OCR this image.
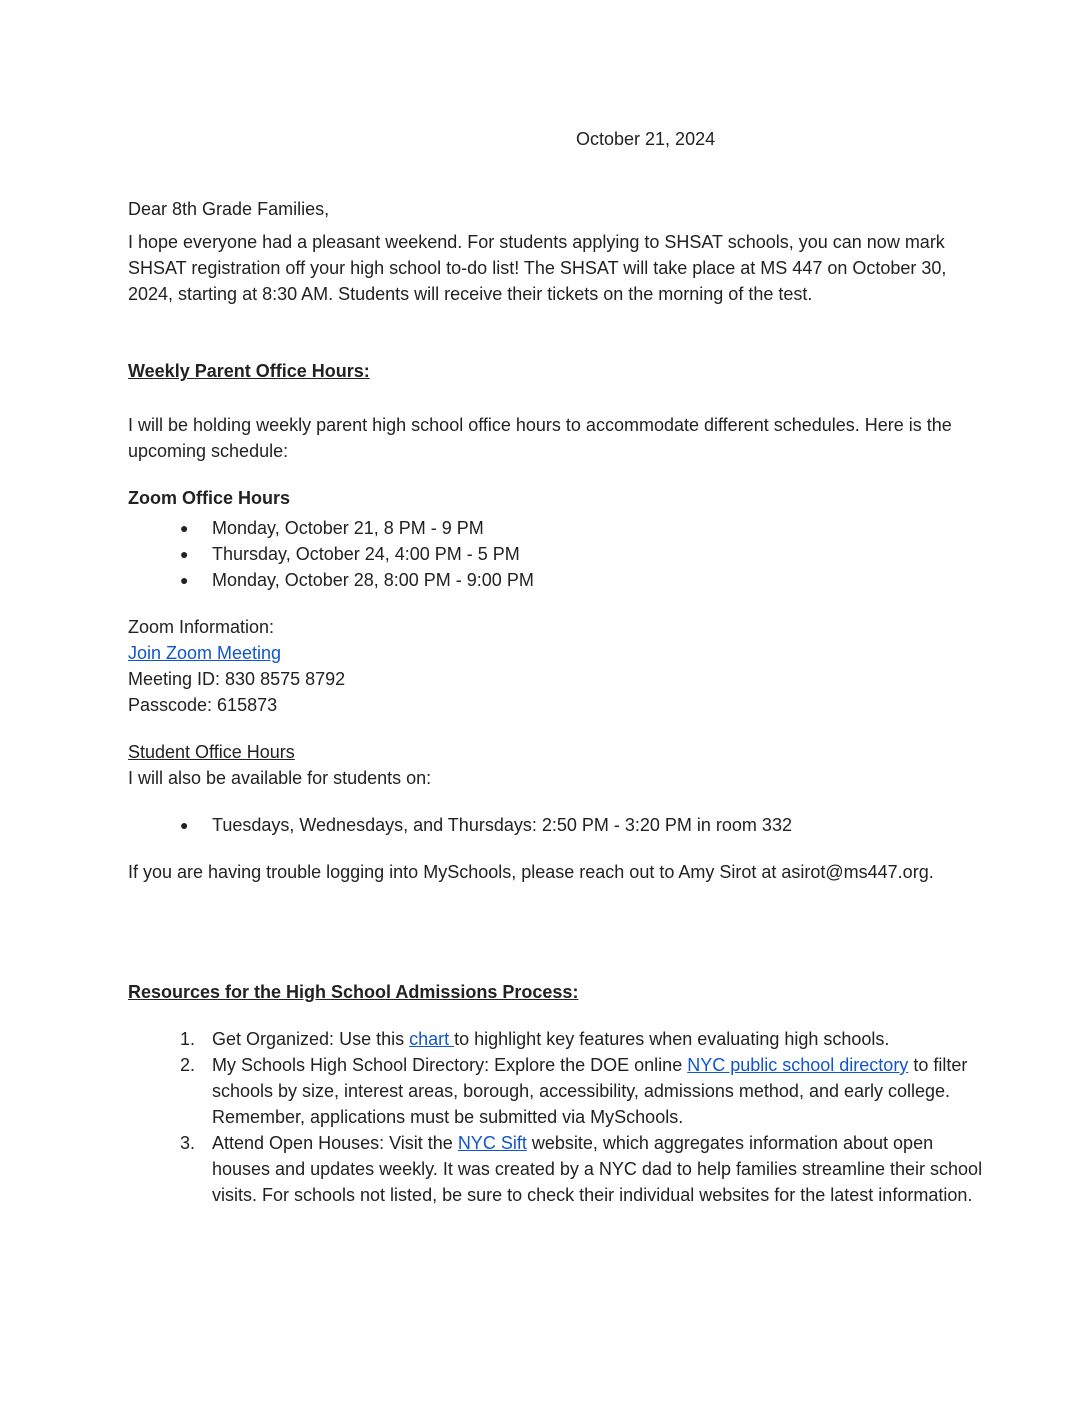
October 21, 2024

Dear 8th Grade Families,

I hope everyone had a pleasant weekend. For students applying to SHSAT schools, you can now mark SHSAT registration off your high school to-do list! The SHSAT will take place at MS 447 on October 30, 2024, starting at 8:30 AM. Students will receive their tickets on the morning of the test.

Weekly Parent Office Hours:

I will be holding weekly parent high school office hours to accommodate different schedules. Here is the upcoming schedule:

Zoom Office Hours

● Monday, October 21, 8 PM - 9 PM
● Thursday, October 24, 4:00 PM - 5 PM
● Monday, October 28, 8:00 PM - 9:00 PM
Zoom Information:
Join Zoom Meeting
Meeting ID: 830 8575 8792
Passcode: 615873

Student Office Hours

I will also be available for students on:

● Tuesdays, Wednesdays, and Thursdays: 2:50 PM - 3:20 PM in room 332

If you are having trouble logging into MySchools, please reach out to Amy Sirot at asirot@ms447.org.

Resources for the High School Admissions Process:

1. Get Organized: Use this chart to highlight key features when evaluating high schools.
2. My Schools High School Directory: Explore the DOE online NYC public school directory to filter schools by size, interest areas, borough, accessibility, admissions method, and early college. Remember, applications must be submitted via MySchools.
3. Attend Open Houses: Visit the NYC Sift website, which aggregates information about open houses and updates weekly. It was created by a NYC dad to help families streamline their school visits. For schools not listed, be sure to check their individual websites for the latest information.
